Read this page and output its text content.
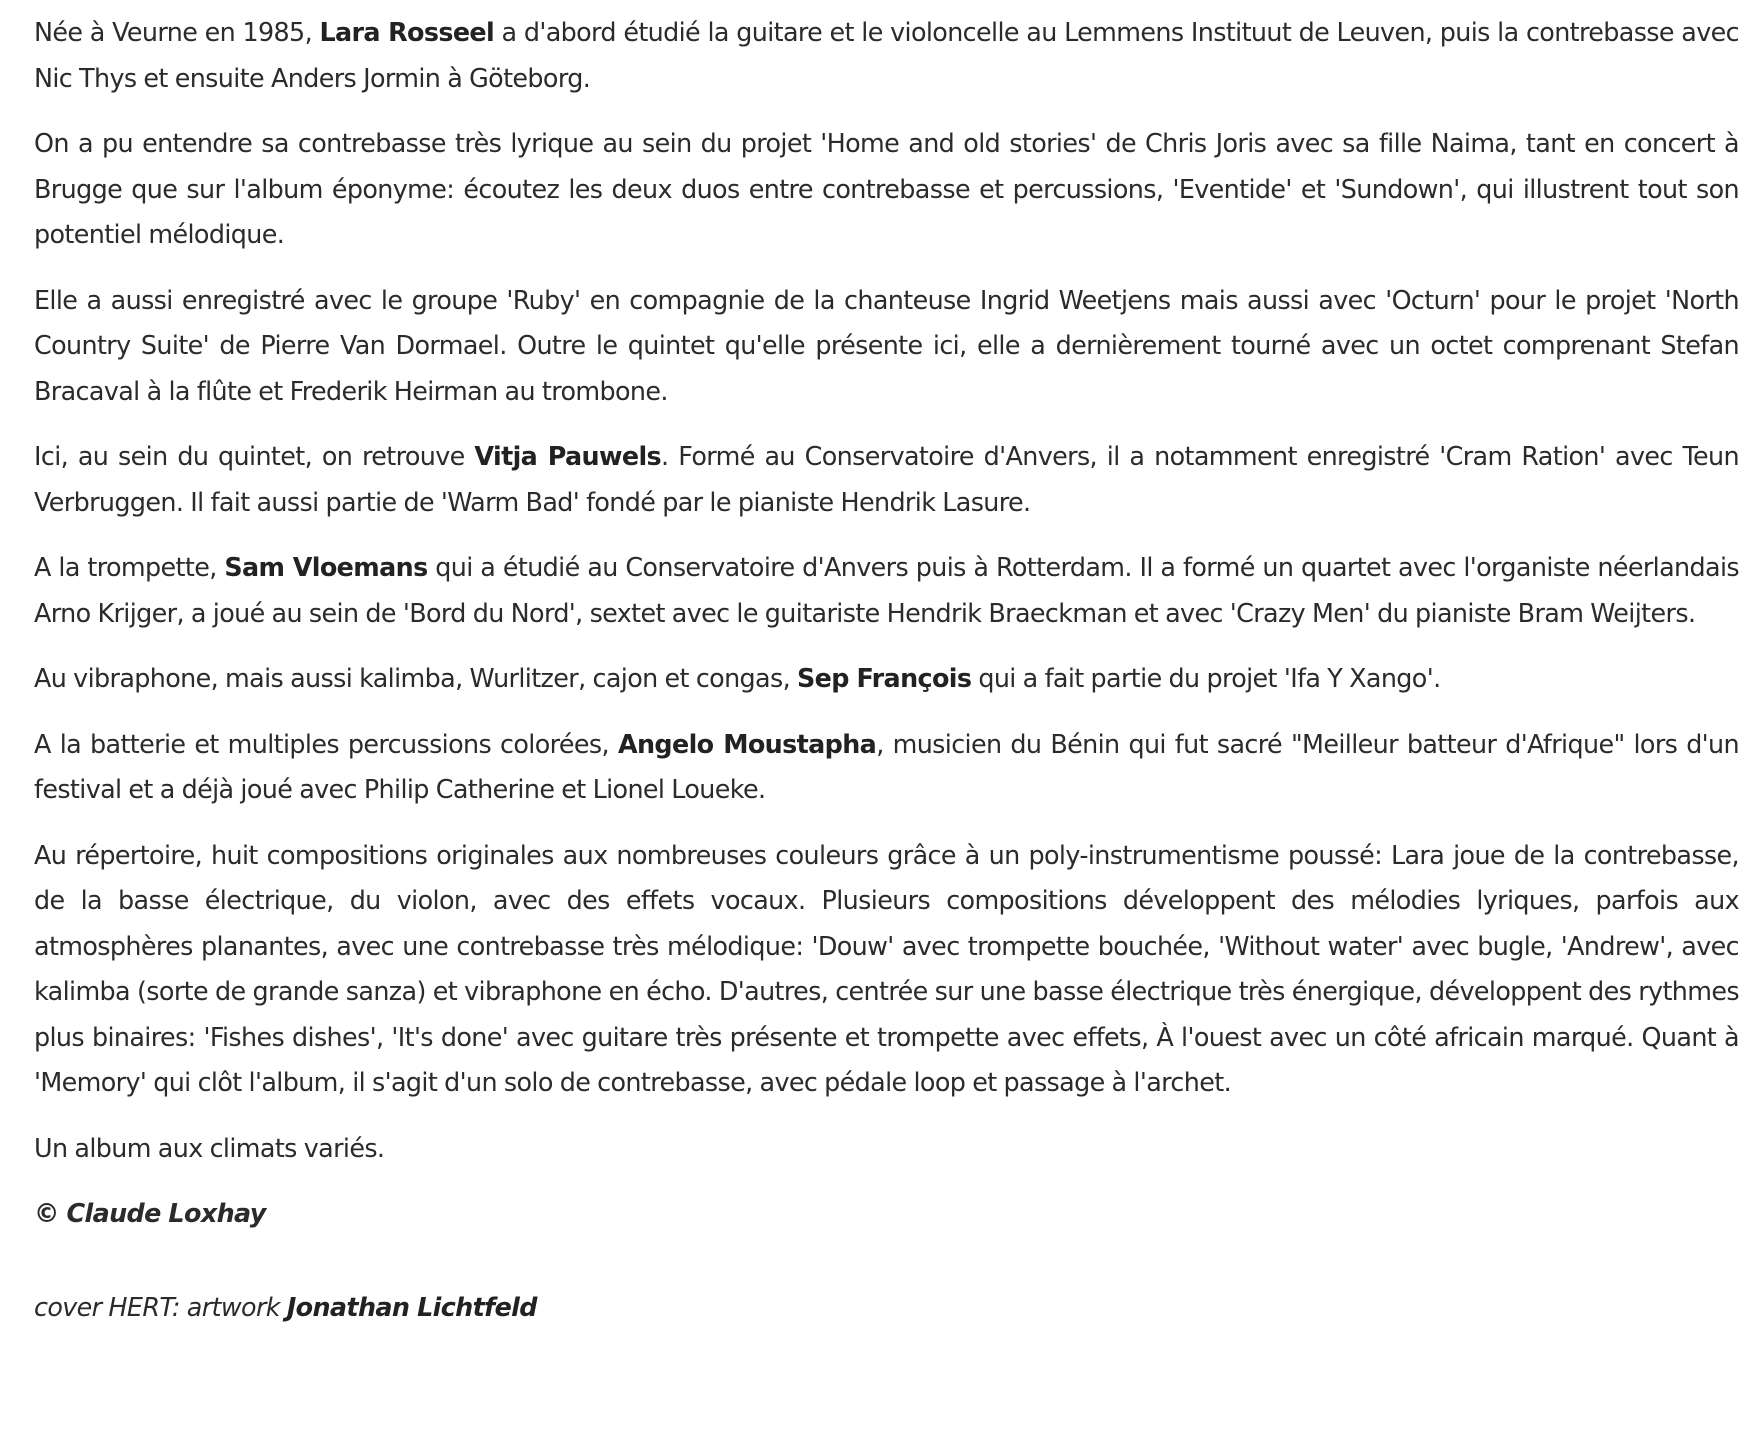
Née à Veurne en 1985, Lara Rosseel a d'abord étudié la guitare et le violoncelle au Lemmens Instituut de Leuven, puis la contrebasse avec Nic Thys et ensuite Anders Jormin à Göteborg.

On a pu entendre sa contrebasse très lyrique au sein du projet 'Home and old stories' de Chris Joris avec sa fille Naima, tant en concert à Brugge que sur l'album éponyme: écoutez les deux duos entre contrebasse et percussions, 'Eventide' et 'Sundown', qui illustrent tout son potentiel mélodique.

Elle a aussi enregistré avec le groupe 'Ruby' en compagnie de la chanteuse Ingrid Weetjens mais aussi avec 'Octurn' pour le projet 'North Country Suite' de Pierre Van Dormael. Outre le quintet qu'elle présente ici, elle a dernièrement tourné avec un octet comprenant Stefan Bracaval à la flûte et Frederik Heirman au trombone.

Ici, au sein du quintet, on retrouve Vitja Pauwels. Formé au Conservatoire d'Anvers, il a notamment enregistré 'Cram Ration' avec Teun Verbruggen. Il fait aussi partie de 'Warm Bad' fondé par le pianiste Hendrik Lasure.

A la trompette, Sam Vloemans qui a étudié au Conservatoire d'Anvers puis à Rotterdam. Il a formé un quartet avec l'organiste néerlandais Arno Krijger, a joué au sein de 'Bord du Nord', sextet avec le guitariste Hendrik Braeckman et avec 'Crazy Men' du pianiste Bram Weijters.

Au vibraphone, mais aussi kalimba, Wurlitzer, cajon et congas, Sep François qui a fait partie du projet 'Ifa Y Xango'.

A la batterie et multiples percussions colorées, Angelo Moustapha, musicien du Bénin qui fut sacré "Meilleur batteur d'Afrique" lors d'un festival et a déjà joué avec Philip Catherine et Lionel Loueke.

Au répertoire, huit compositions originales aux nombreuses couleurs grâce à un poly-instrumentisme poussé: Lara joue de la contrebasse, de la basse électrique, du violon, avec des effets vocaux. Plusieurs compositions développent des mélodies lyriques, parfois aux atmosphères planantes, avec une contrebasse très mélodique: 'Douw' avec trompette bouchée, 'Without water' avec bugle, 'Andrew', avec kalimba (sorte de grande sanza) et vibraphone en écho. D'autres, centrée sur une basse électrique très énergique, développent des rythmes plus binaires: 'Fishes dishes', 'It's done' avec guitare très présente et trompette avec effets, À l'ouest avec un côté africain marqué. Quant à 'Memory' qui clôt l'album, il s'agit d'un solo de contrebasse, avec pédale loop et passage à l'archet.

Un album aux climats variés.

© Claude Loxhay

cover HERT: artwork Jonathan Lichtfeld
